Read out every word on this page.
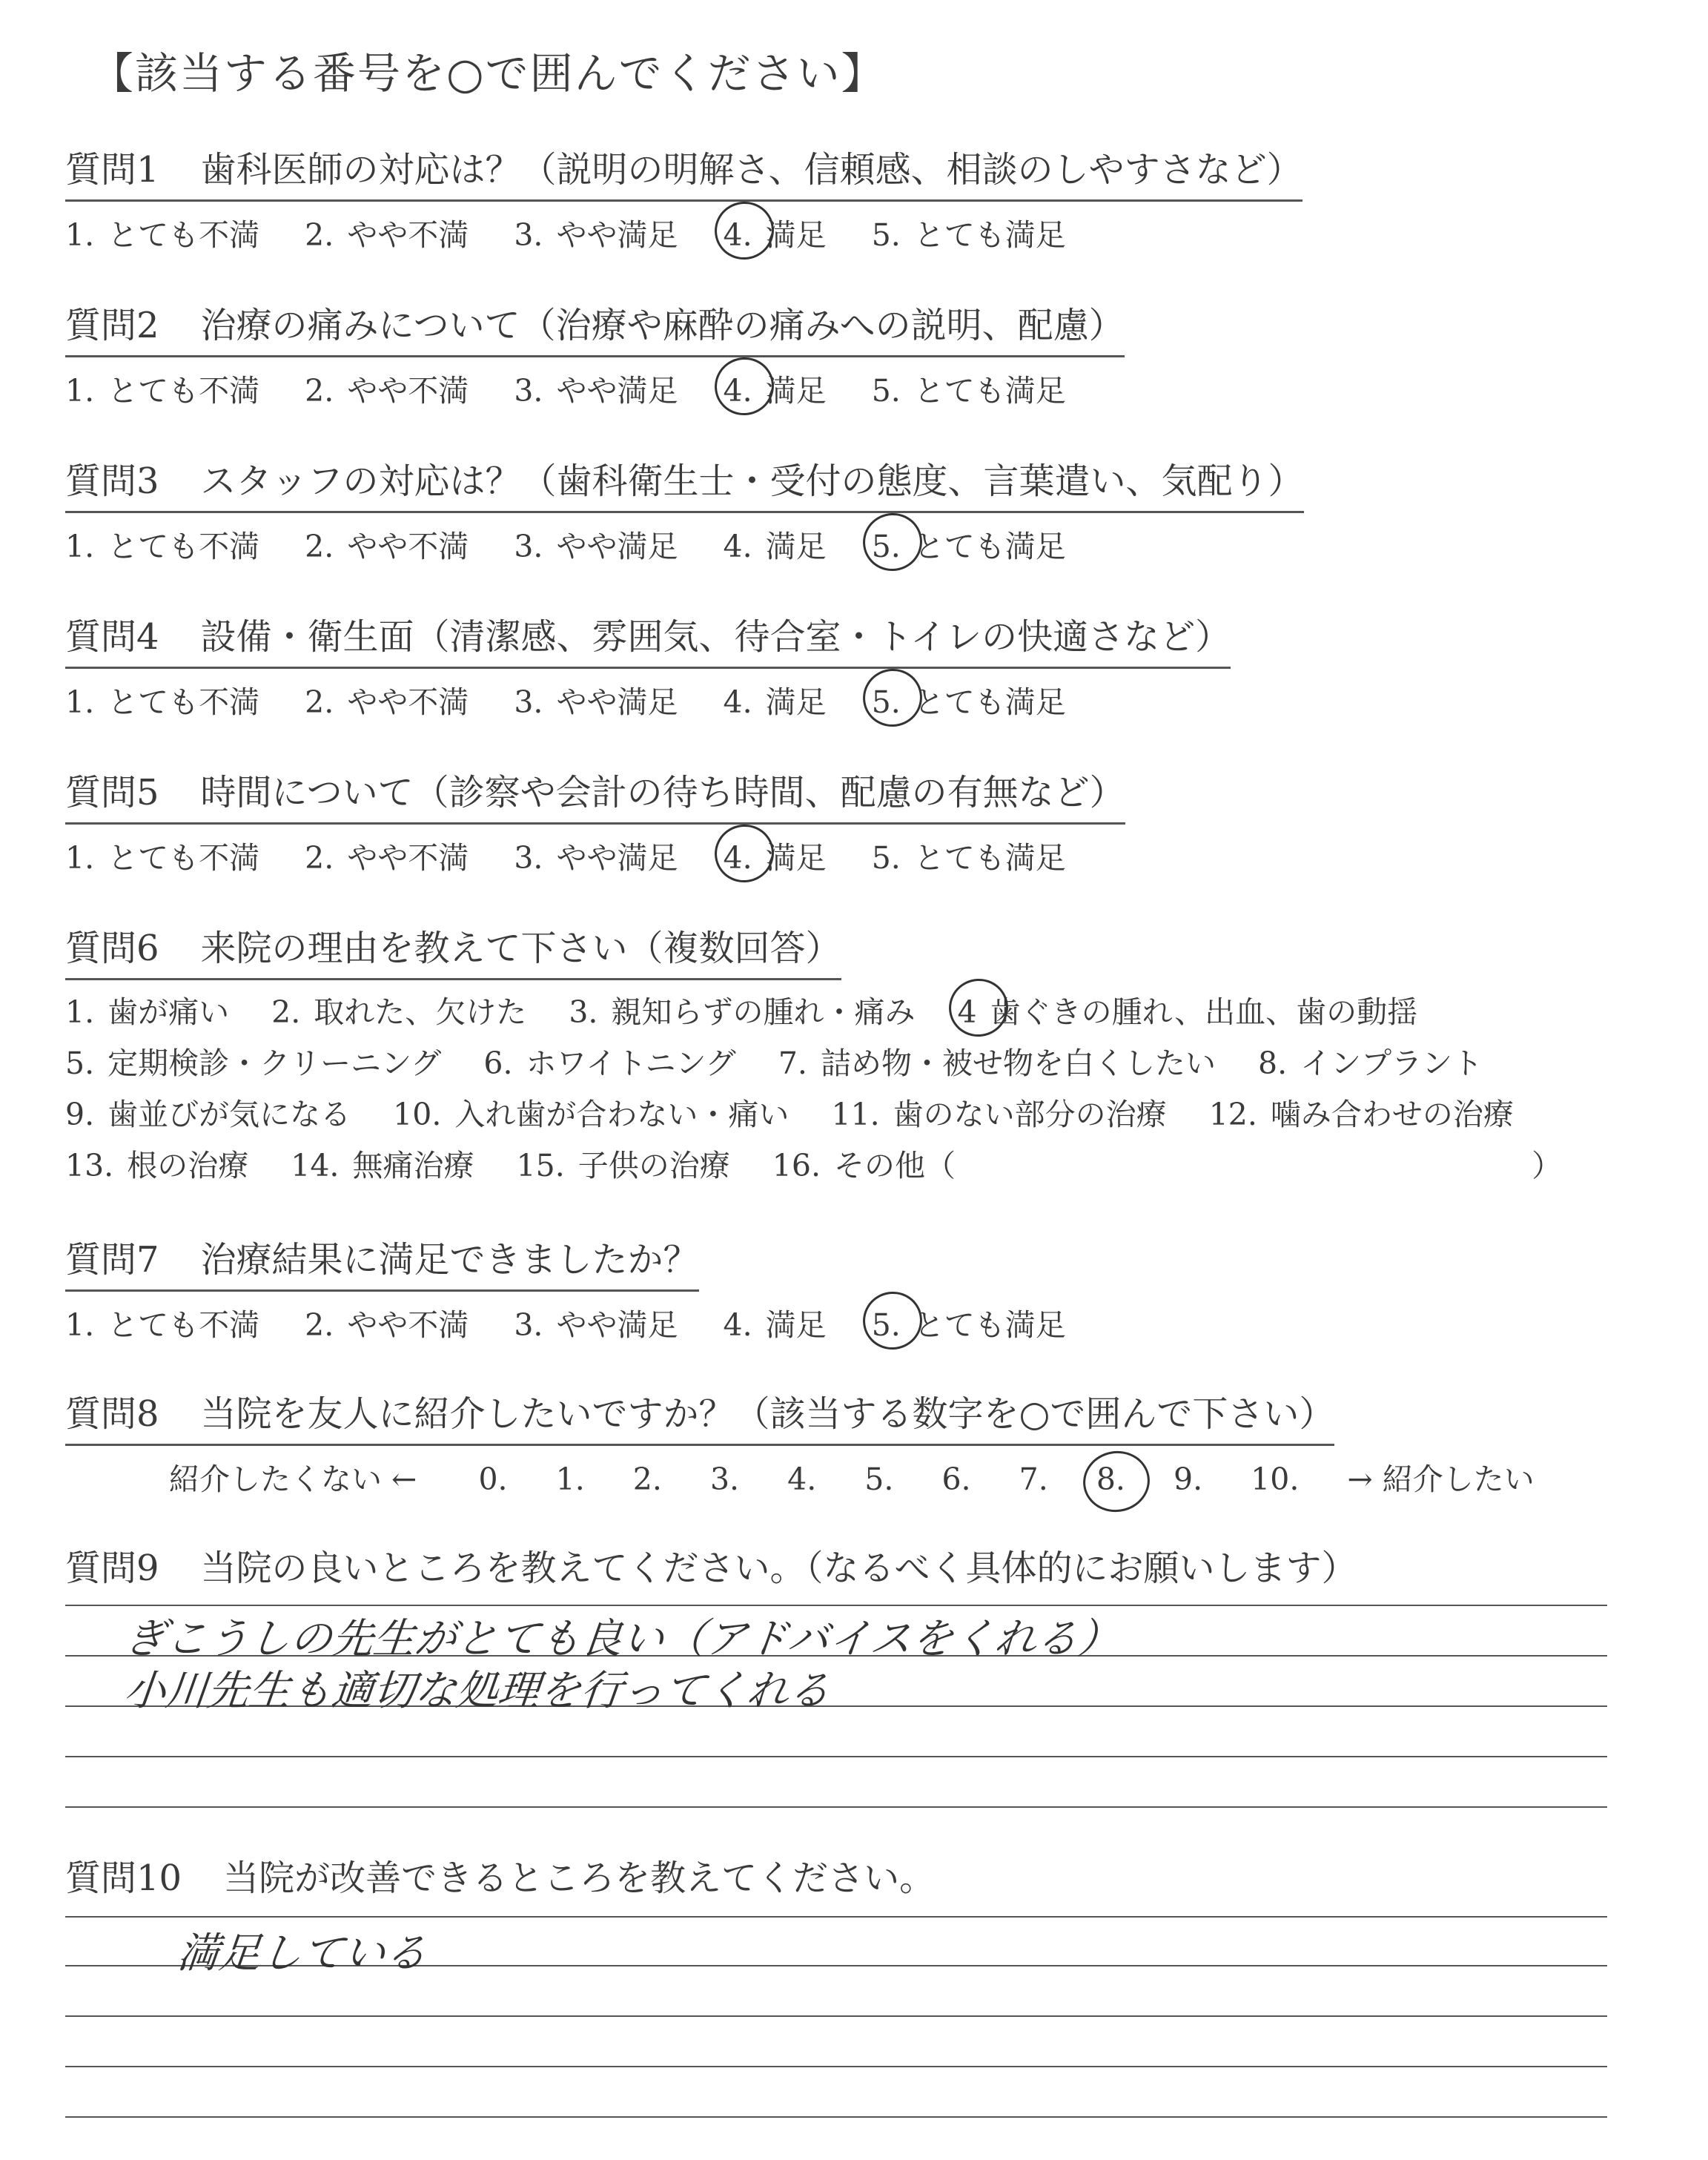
【該当する番号を○で囲んでください】
質問1 歯科医師の対応は？（説明の明解さ、信頼感、相談のしやすさなど）
1. とても不満 2. やや不満 3. やや満足 4. 満足 5. とても満足
質問2 治療の痛みについて（治療や麻酔の痛みへの説明、配慮）
1. とても不満 2. やや不満 3. やや満足 4. 満足 5. とても満足
質問3 スタッフの対応は？（歯科衛生士・受付の態度、言葉遣い、気配り）
1. とても不満 2. やや不満 3. やや満足 4. 満足 5. とても満足
質問4 設備・衛生面（清潔感、雰囲気、待合室・トイレの快適さなど）
1. とても不満 2. やや不満 3. やや満足 4. 満足 5. とても満足
質問5 時間について（診察や会計の待ち時間、配慮の有無など）
1. とても不満 2. やや不満 3. やや満足 4. 満足 5. とても満足
質問6 来院の理由を教えて下さい（複数回答）
1. 歯が痛い 2. 取れた、欠けた 3. 親知らずの腫れ・痛み 4 歯ぐきの腫れ、出血、歯の動揺
5. 定期検診・クリーニング 6. ホワイトニング 7. 詰め物・被せ物を白くしたい 8. インプラント
9. 歯並びが気になる 10. 入れ歯が合わない・痛い 11. 歯のない部分の治療 12. 噛み合わせの治療
13. 根の治療 14. 無痛治療 15. 子供の治療 16. その他（	）
質問7 治療結果に満足できましたか？
1. とても不満 2. やや不満 3. やや満足 4. 満足 5. とても満足
質問8 当院を友人に紹介したいですか？（該当する数字を○で囲んで下さい）
紹介したくない ← 0. 1. 2. 3. 4. 5. 6. 7. 8. 9. 10. → 紹介したい
質問9 当院の良いところを教えてください。（なるべく具体的にお願いします）
ぎこうしの先生がとても良い（アドバイスをくれる）
小川先生も適切な処理を行ってくれる
質問10 当院が改善できるところを教えてください。
満足している
